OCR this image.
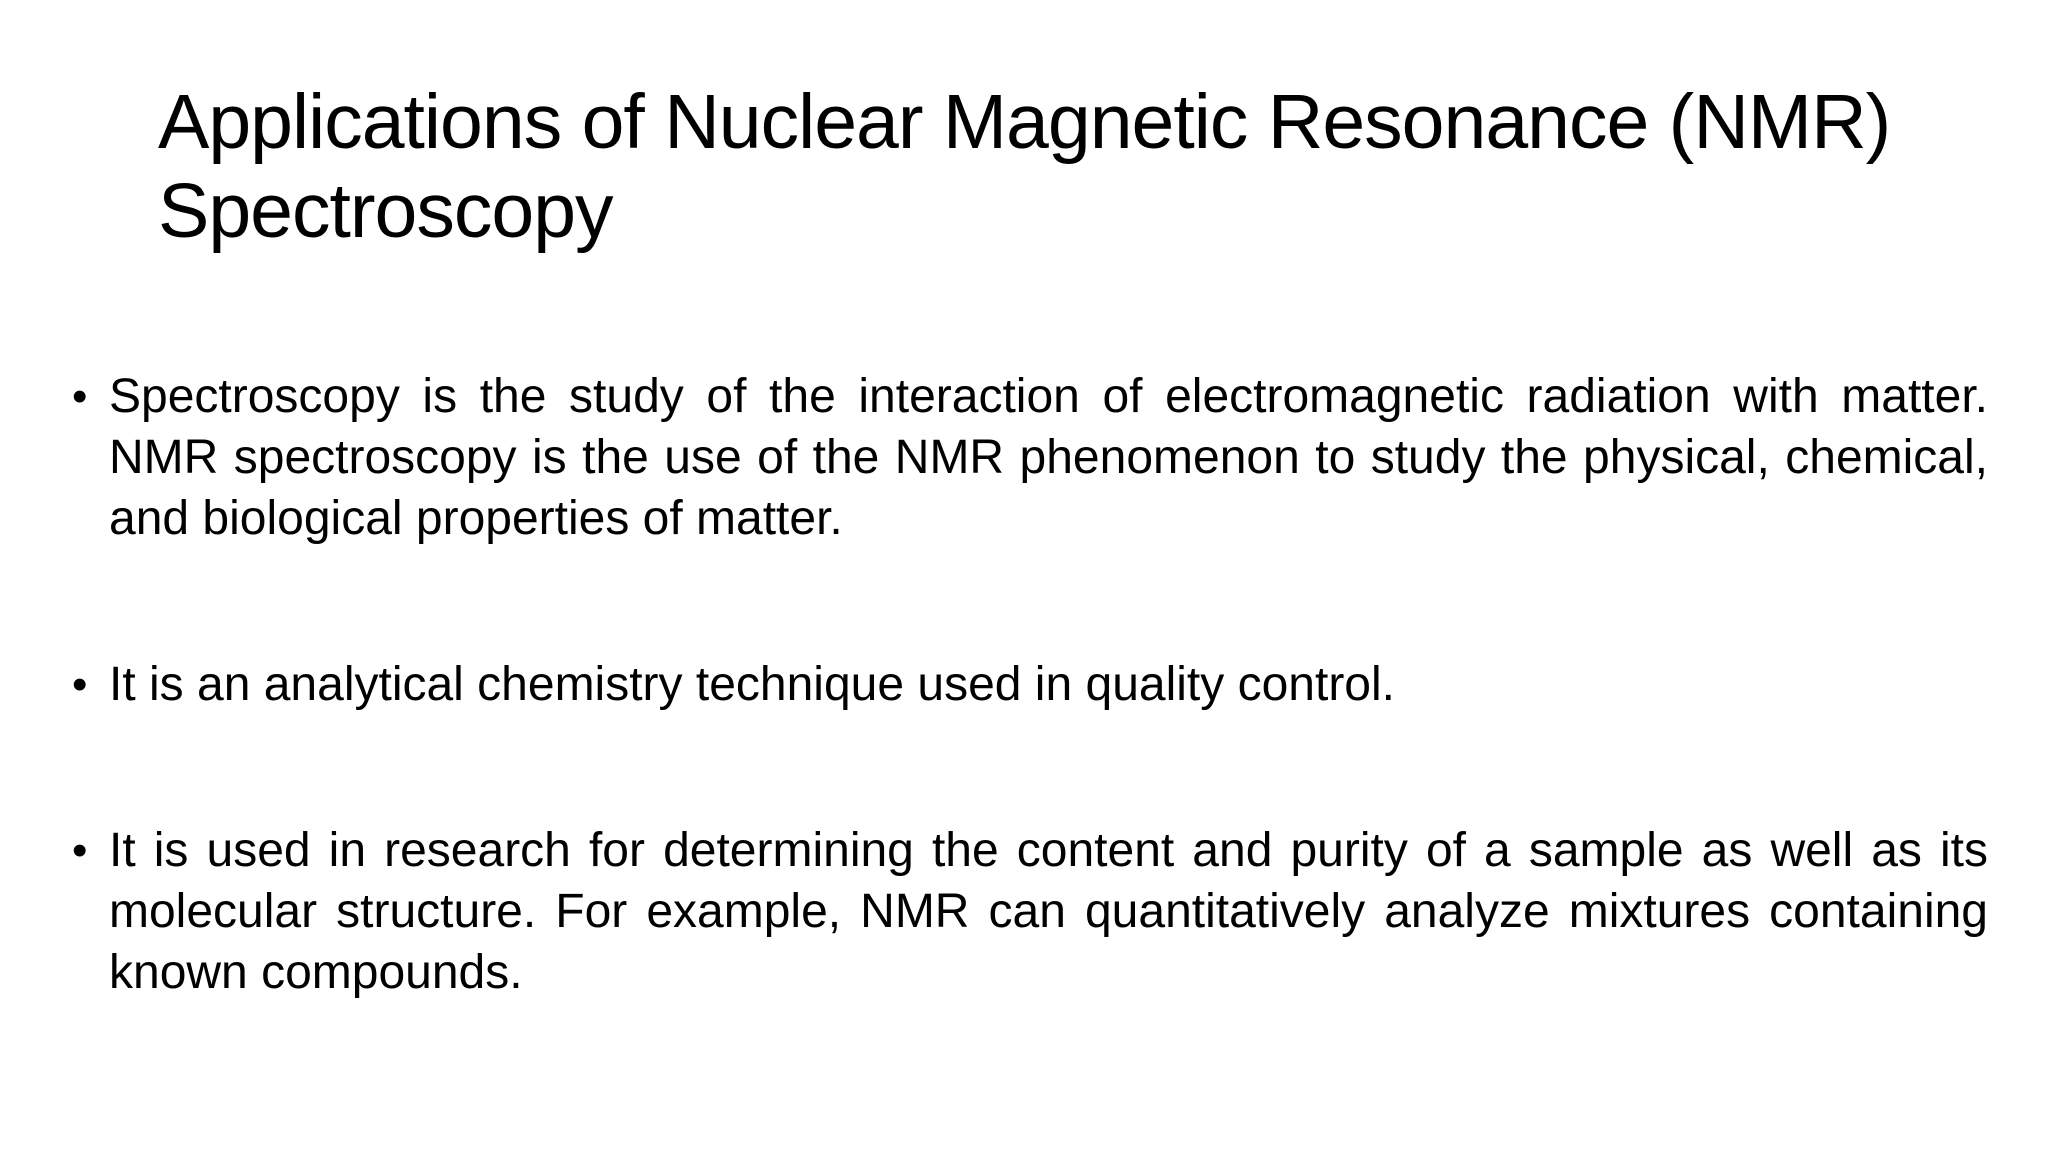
Applications of Nuclear Magnetic Resonance (NMR) Spectroscopy
• Spectroscopy is the study of the interaction of electromagnetic radiation with matter. NMR spectroscopy is the use of the NMR phenomenon to study the physical, chemical, and biological properties of matter.
• It is an analytical chemistry technique used in quality control.
• It is used in research for determining the content and purity of a sample as well as its molecular structure. For example, NMR can quantitatively analyze mixtures containing known compounds.
